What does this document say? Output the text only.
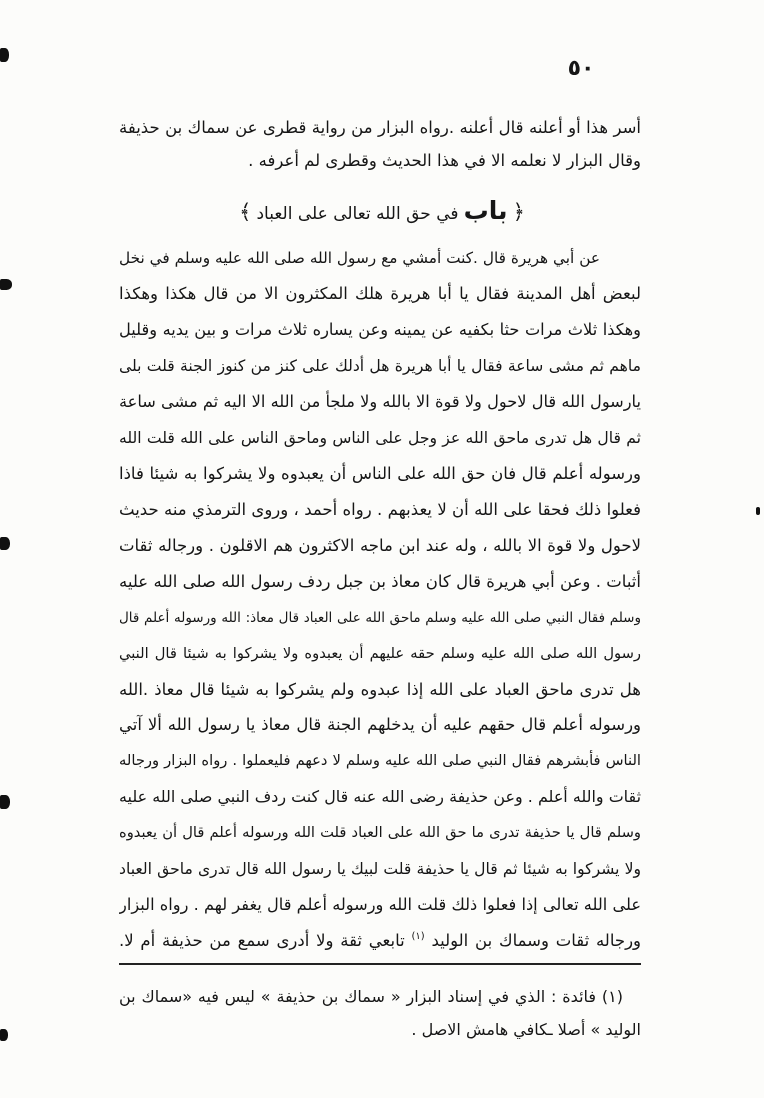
٥٠
أسر هذا أو أعلنه قال أعلنه .رواه البزار من رواية قطرى عن سماك بن حذيفة
وقال البزار لا نعلمه الا في هذا الحديث وقطرى لم أعرفه .
﴿ باب في حق الله تعالى على العباد ﴾
عن أبي هريرة قال .كنت أمشي مع رسول الله صلى الله عليه وسلم في نخل
لبعض أهل المدينة فقال يا أبا هريرة هلك المكثرون الا من قال هكذا وهكذا
وهكذا ثلاث مرات حثا بكفيه عن يمينه وعن يساره ثلاث مرات و بين يديه وقليل
ماهم ثم مشى ساعة فقال يا أبا هريرة هل أدلك على كنز من كنوز الجنة قلت بلى
يارسول الله قال لاحول ولا قوة الا بالله ولا ملجأ من الله الا اليه ثم مشى ساعة
ثم قال هل تدرى ماحق الله عز وجل على الناس وماحق الناس على الله قلت الله
ورسوله أعلم قال فان حق الله على الناس أن يعبدوه ولا يشركوا به شيئا فاذا
فعلوا ذلك فحقا على الله أن لا يعذبهم . رواه أحمد ، وروى الترمذي منه حديث
لاحول ولا قوة الا بالله ، وله عند ابن ماجه الاكثرون هم الاقلون . ورجاله ثقات
أثبات . وعن أبي هريرة قال كان معاذ بن جبل ردف رسول الله صلى الله عليه
وسلم فقال النبي صلى الله عليه وسلم ماحق الله على العباد قال معاذ: الله ورسوله أعلم قال
رسول الله صلى الله عليه وسلم حقه عليهم أن يعبدوه ولا يشركوا به شيئا قال النبي
هل تدرى ماحق العباد على الله إذا عبدوه ولم يشركوا به شيئا قال معاذ .الله
ورسوله أعلم قال حقهم عليه أن يدخلهم الجنة قال معاذ يا رسول الله ألا آتي
الناس فأبشرهم فقال النبي صلى الله عليه وسلم لا دعهم فليعملوا . رواه البزار ورجاله
ثقات والله أعلم . وعن حذيفة رضى الله عنه قال كنت ردف النبي صلى الله عليه
وسلم قال يا حذيفة تدرى ما حق الله على العباد قلت الله ورسوله أعلم قال أن يعبدوه
ولا يشركوا به شيئا ثم قال يا حذيفة قلت لبيك يا رسول الله قال تدرى ماحق العباد
على الله تعالى إذا فعلوا ذلك قلت الله ورسوله أعلم قال يغفر لهم . رواه البزار
ورجاله ثقات وسماك بن الوليد $^{(١)}$ تابعي ثقة ولا أدرى سمع من حذيفة أم لا.
(١) فائدة : الذي في إسناد البزار « سماك بن حذيفة » ليس فيه «سماك بن
الوليد » أصلا ـكافي هامش الاصل .
